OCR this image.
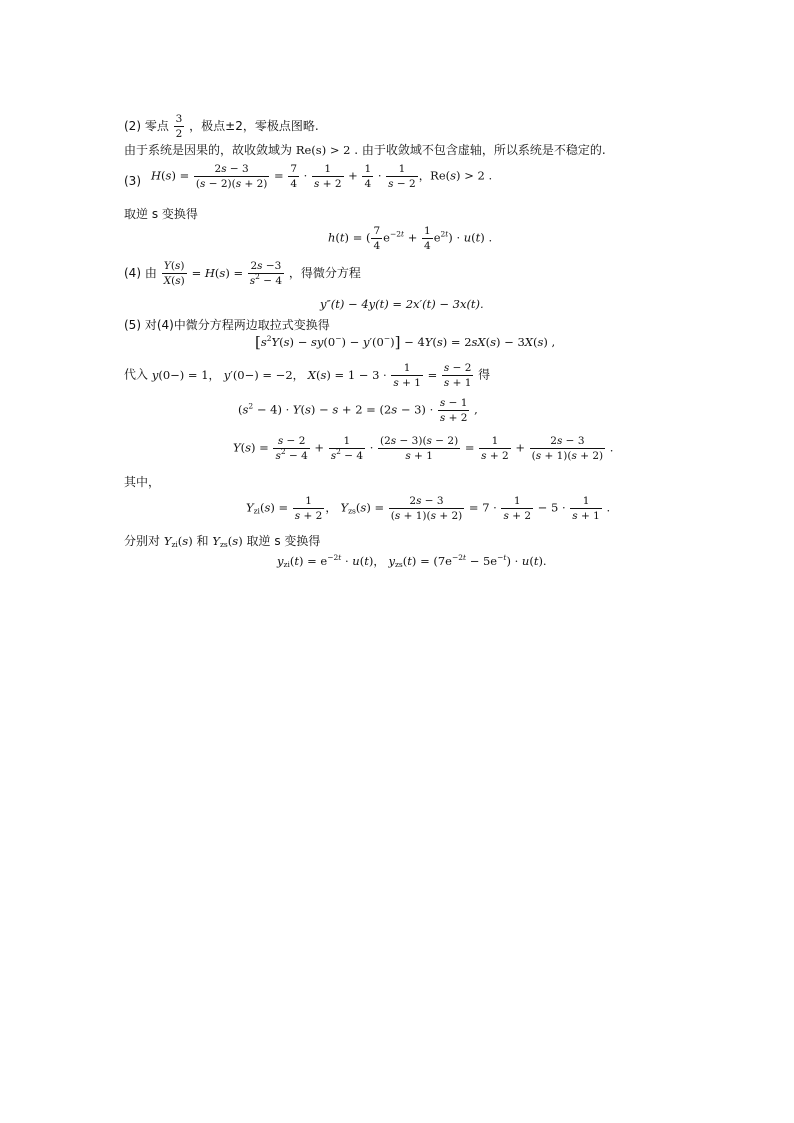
(2) 零点 $\frac{3}{2}$ ，极点±2，零极点图略.
由于系统是因果的，故收敛域为 Re(s) > 2 . 由于收敛域不包含虚轴，所以系统是不稳定的.
(3) $H(s) = \frac{2s - 3}{(s - 2)(s + 2)} = \frac{7}{4} \cdot \frac{1}{s + 2} + \frac{1}{4} \cdot \frac{1}{s - 2}$ ，Re(s) > 2 .
取逆 s 变换得
h(t) = ( $\frac{7}{4} e^{-2t} + \frac{1}{4} e^{2t}) \cdot u(t)$ .
(4) 由 $\frac{Y(s)}{X(s)} = H(s) = \frac{2s -3}{s^2 - 4}$ ，得微分方程
y″(t) − 4y(t) = 2x′(t) − 3x(t).
(5) 对(4)中微分方程两边取拉式变换得
$[s^2Y(s) - sy(0^-) - y'(0^-)] - 4Y(s) = 2sX(s) - 3X(s)$ ,
代入 y(0−) = 1， y′(0−) = −2， $X(s) = 1 - 3 \cdot \frac{1}{s + 1} = \frac{s - 2}{s + 1}$ 得
$(s^2 - 4) \cdot Y(s) - s + 2 = (2s - 3) \cdot \frac{s - 1}{s + 2}$ ,
$Y(s) = \frac{s - 2}{s^2 - 4} + \frac{1}{s^2 - 4} \cdot \frac{(2s - 3)(s - 2)}{s + 1} = \frac{1}{s + 2} + \frac{2s - 3}{(s + 1)(s + 2)}$ .
其中，
$Y_{zi}(s) = \frac{1}{s + 2}$ ， $Y_{zs}(s) = \frac{2s - 3}{(s + 1)(s + 2)} = 7 \cdot \frac{1}{s + 2} - 5 \cdot \frac{1}{s + 1}$ .
分别对 $Y_{zi}(s)$ 和 $Y_{zs}(s)$ 取逆 s 变换得
$y_{zi}(t) = e^{-2t} \cdot u(t)$， $y_{zs}(t) = (7e^{-2t} - 5e^{-t}) \cdot u(t)$.
